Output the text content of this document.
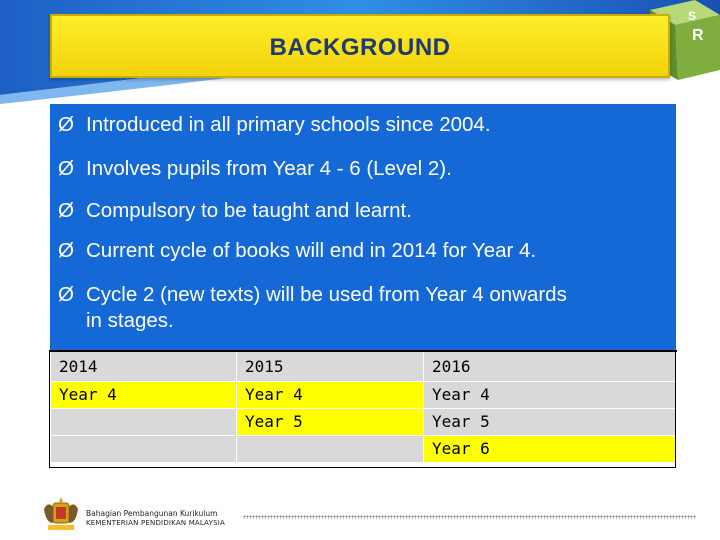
S
R
BACKGROUND
Ø Introduced in all primary schools since 2004.
Ø Involves pupils from Year 4 - 6 (Level 2).
Ø Compulsory to be taught and learnt.
Ø Current cycle of books will end in 2014 for Year 4.
Ø Cycle 2 (new texts) will be used from Year 4 onwards
in stages.
2014	2015	2016
Year 4	Year 4	Year 4
	Year 5	Year 5
		Year 6
Bahagian Pembangunan Kurikulum
KEMENTERIAN PENDIDIKAN MALAYSIA
